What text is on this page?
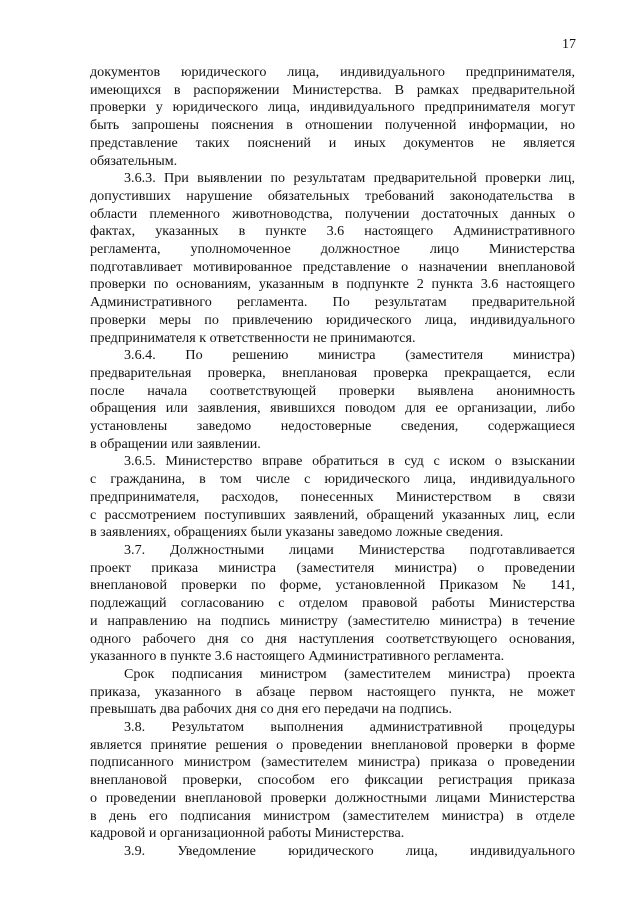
17

документов юридического лица, индивидуального предпринимателя,

имеющихся в распоряжении Министерства. В рамках предварительной

проверки у юридического лица, индивидуального предпринимателя могут

быть запрошены пояснения в отношении полученной информации, но

представление таких пояснений и иных документов не является

обязательным.

3.6.3. При выявлении по результатам предварительной проверки лиц,

допустивших нарушение обязательных требований законодательства в

области племенного животноводства, получении достаточных данных о

фактах, указанных в пункте 3.6 настоящего Административного

регламента, уполномоченное должностное лицо Министерства

подготавливает мотивированное представление о назначении внеплановой

проверки по основаниям, указанным в подпункте 2 пункта 3.6 настоящего

Административного регламента. По результатам предварительной

проверки меры по привлечению юридического лица, индивидуального

предпринимателя к ответственности не принимаются.

3.6.4. По решению министра (заместителя министра)

предварительная проверка, внеплановая проверка прекращается, если

после начала соответствующей проверки выявлена анонимность

обращения или заявления, явившихся поводом для ее организации, либо

установлены заведомо недостоверные сведения, содержащиеся

в обращении или заявлении.

3.6.5. Министерство вправе обратиться в суд с иском о взыскании

с гражданина, в том числе с юридического лица, индивидуального

предпринимателя, расходов, понесенных Министерством в связи

с рассмотрением поступивших заявлений, обращений указанных лиц, если

в заявлениях, обращениях были указаны заведомо ложные сведения.

3.7. Должностными лицами Министерства подготавливается

проект приказа министра (заместителя министра) о проведении

внеплановой проверки по форме, установленной Приказом № 141,

подлежащий согласованию с отделом правовой работы Министерства

и направлению на подпись министру (заместителю министра) в течение

одного рабочего дня со дня наступления соответствующего основания,

указанного в пункте 3.6 настоящего Административного регламента.

Срок подписания министром (заместителем министра) проекта

приказа, указанного в абзаце первом настоящего пункта, не может

превышать два рабочих дня со дня его передачи на подпись.

3.8. Результатом выполнения административной процедуры

является принятие решения о проведении внеплановой проверки в форме

подписанного министром (заместителем министра) приказа о проведении

внеплановой проверки, способом его фиксации регистрация приказа

о проведении внеплановой проверки должностными лицами Министерства

в день его подписания министром (заместителем министра) в отделе

кадровой и организационной работы Министерства.

3.9. Уведомление юридического лица, индивидуального
